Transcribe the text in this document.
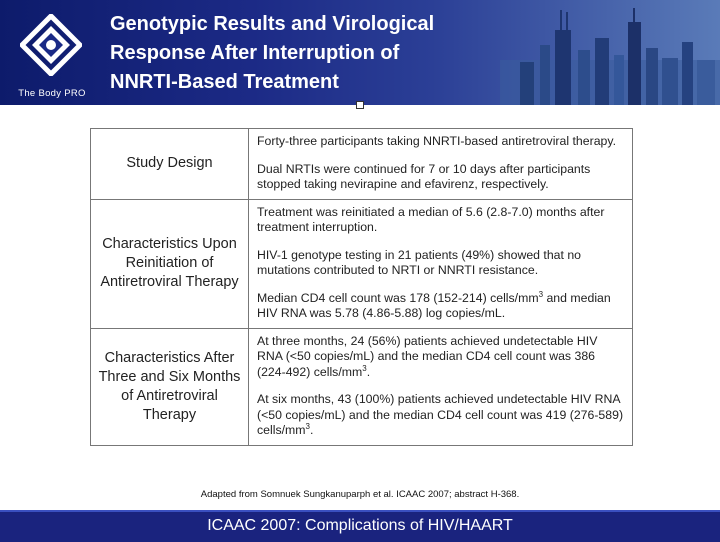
The Body PRO
Genotypic Results and Virological
Response After Interruption of
NNRTI-Based Treatment
Study Design	Forty-three participants taking NNRTI-based antiretroviral therapy.

Dual NRTIs were continued for 7 or 10 days after participants stopped taking nevirapine and efavirenz, respectively.

Characteristics Upon Reinitiation of Antiretroviral Therapy	Treatment was reinitiated a median of 5.6 (2.8-7.0) months after treatment interruption.

HIV-1 genotype testing in 21 patients (49%) showed that no mutations contributed to NRTI or NNRTI resistance.

Median CD4 cell count was 178 (152-214) cells/$mm^3$ and median HIV RNA was 5.78 (4.86-5.88) log copies/mL.

Characteristics After Three and Six Months of Antiretroviral Therapy	At three months, 24 (56%) patients achieved undetectable HIV RNA (<50 copies/mL) and the median CD4 cell count was 386 (224-492) cells/$mm^3$.

At six months, 43 (100%) patients achieved undetectable HIV RNA (<50 copies/mL) and the median CD4 cell count was 419 (276-589) cells/$mm^3$.

Adapted from Somnuek Sungkanuparph et al. ICAAC 2007; abstract H-368.
ICAAC 2007: Complications of HIV/HAART
